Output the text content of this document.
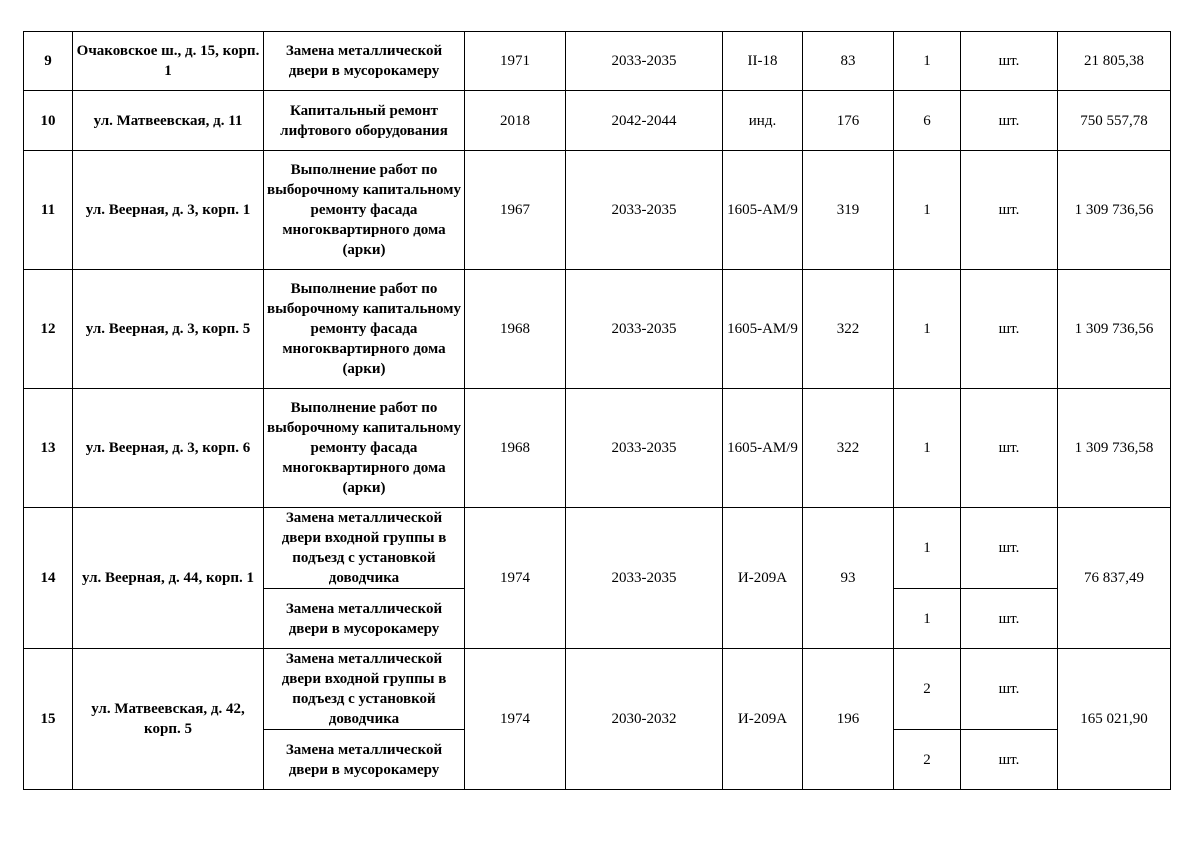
9	Очаковское ш., д. 15, корп. 1	Замена металлической двери в мусорокамеру	1971	2033-2035	II-18	83	1	шт.	21 805,38
10	ул. Матвеевская, д. 11	Капитальный ремонт лифтового оборудования	2018	2042-2044	инд.	176	6	шт.	750 557,78
11	ул. Веерная, д. 3, корп. 1	Выполнение работ по выборочному капитальному ремонту фасада многоквартирного дома (арки)	1967	2033-2035	1605-АМ/9	319	1	шт.	1 309 736,56
12	ул. Веерная, д. 3, корп. 5	Выполнение работ по выборочному капитальному ремонту фасада многоквартирного дома (арки)	1968	2033-2035	1605-АМ/9	322	1	шт.	1 309 736,56
13	ул. Веерная, д. 3, корп. 6	Выполнение работ по выборочному капитальному ремонту фасада многоквартирного дома (арки)	1968	2033-2035	1605-АМ/9	322	1	шт.	1 309 736,58
14	ул. Веерная, д. 44, корп. 1	Замена металлической двери входной группы в подъезд с установкой доводчика	1974	2033-2035	И-209А	93	1	шт.	76 837,49
		Замена металлической двери в мусорокамеру					1	шт.	
15	ул. Матвеевская, д. 42, корп. 5	Замена металлической двери входной группы в подъезд с установкой доводчика	1974	2030-2032	И-209А	196	2	шт.	165 021,90
		Замена металлической двери в мусорокамеру					2	шт.	
